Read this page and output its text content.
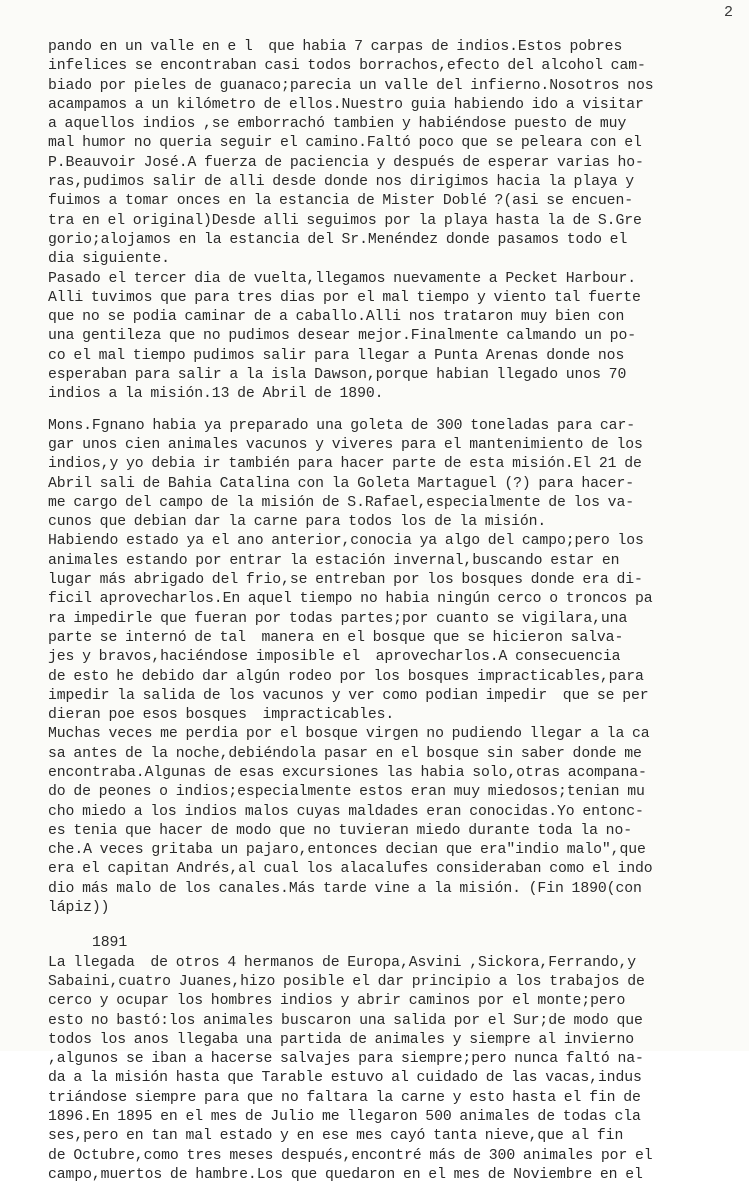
2
pando en un valle en e l  que habia 7 carpas de indios.Estos pobres
infelices se encontraban casi todos borrachos,efecto del alcohol cam-
biado por pieles de guanaco;parecia un valle del infierno.Nosotros nos
acampamos a un kilómetro de ellos.Nuestro guia habiendo ido a visitar
a aquellos indios ,se emborrachó tambien y habiéndose puesto de muy
mal humor no queria seguir el camino.Faltó poco que se peleara con el
P.Beauvoir José.A fuerza de paciencia y después de esperar varias ho-
ras,pudimos salir de alli desde donde nos dirigimos hacia la playa y
fuimos a tomar onces en la estancia de Mister Doblé ?(asi se encuen-
tra en el original)Desde alli seguimos por la playa hasta la de S.Gre
gorio;alojamos en la estancia del Sr.Menéndez donde pasamos todo el
dia siguiente.
Pasado el tercer dia de vuelta,llegamos nuevamente a Pecket Harbour.
Alli tuvimos que para tres dias por el mal tiempo y viento tal fuerte
que no se podia caminar de a caballo.Alli nos trataron muy bien con
una gentileza que no pudimos desear mejor.Finalmente calmando un po-
co el mal tiempo pudimos salir para llegar a Punta Arenas donde nos
esperaban para salir a la isla Dawson,porque habian llegado unos 70
indios a la misión.13 de Abril de 1890.
Mons.Fgnano habia ya preparado una goleta de 300 toneladas para car-
gar unos cien animales vacunos y viveres para el mantenimiento de los
indios,y yo debia ir también para hacer parte de esta misión.El 21 de
Abril sali de Bahia Catalina con la Goleta Martaguel (?) para hacer-
me cargo del campo de la misión de S.Rafael,especialmente de los va-
cunos que debian dar la carne para todos los de la misión.
Habiendo estado ya el ano anterior,conocia ya algo del campo;pero los
animales estando por entrar la estación invernal,buscando estar en
lugar más abrigado del frio,se entreban por los bosques donde era di-
ficil aprovecharlos.En aquel tiempo no habia ningún cerco o troncos pa
ra impedirle que fueran por todas partes;por cuanto se vigilara,una
parte se internó de tal  manera en el bosque que se hicieron salva-
jes y bravos,haciéndose imposible el  aprovecharlos.A consecuencia
de esto he debido dar algún rodeo por los bosques impracticables,para
impedir la salida de los vacunos y ver como podian impedir  que se per
dieran poe esos bosques  impracticables.
Muchas veces me perdia por el bosque virgen no pudiendo llegar a la ca
sa antes de la noche,debiéndola pasar en el bosque sin saber donde me
encontraba.Algunas de esas excursiones las habia solo,otras acompana-
do de peones o indios;especialmente estos eran muy miedosos;tenian mu
cho miedo a los indios malos cuyas maldades eran conocidas.Yo entonc-
es tenia que hacer de modo que no tuvieran miedo durante toda la no-
che.A veces gritaba un pajaro,entonces decian que era"indio malo",que
era el capitan Andrés,al cual los alacalufes consideraban como el indo
dio más malo de los canales.Más tarde vine a la misión. (Fin 1890(con
lápiz))
1891
La llegada  de otros 4 hermanos de Europa,Asvini ,Sickora,Ferrando,y
Sabaini,cuatro Juanes,hizo posible el dar principio a los trabajos de
cerco y ocupar los hombres indios y abrir caminos por el monte;pero
esto no bastó:los animales buscaron una salida por el Sur;de modo que
todos los anos llegaba una partida de animales y siempre al invierno
,algunos se iban a hacerse salvajes para siempre;pero nunca faltó na-
da a la misión hasta que Tarable estuvo al cuidado de las vacas,indus
triándose siempre para que no faltara la carne y esto hasta el fin de
1896.En 1895 en el mes de Julio me llegaron 500 animales de todas cla
ses,pero en tan mal estado y en ese mes cayó tanta nieve,que al fin
de Octubre,como tres meses después,encontré más de 300 animales por el
campo,muertos de hambre.Los que quedaron en el mes de Noviembre en el
